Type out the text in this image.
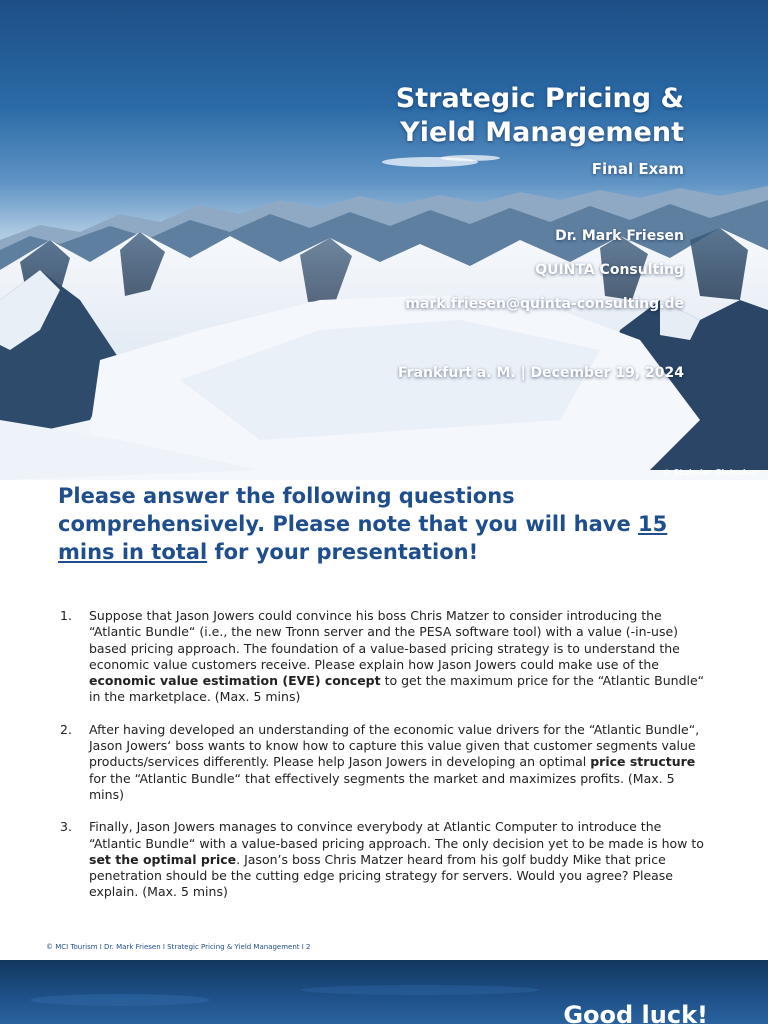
Strategic Pricing &
Yield Management
Final Exam
Dr. Mark Friesen
QUINTA Consulting
mark.friesen@quinta-consulting.de
Frankfurt a. M. | December 19, 2024
© Stubaier Gletscher
Please answer the following questions comprehensively. Please note that you will have 15 mins in total for your presentation!
1. Suppose that Jason Jowers could convince his boss Chris Matzer to consider introducing the “Atlantic Bundle“ (i.e., the new Tronn server and the PESA software tool) with a value (-in-use) based pricing approach. The foundation of a value-based pricing strategy is to understand the economic value customers receive. Please explain how Jason Jowers could make use of the economic value estimation (EVE) concept to get the maximum price for the “Atlantic Bundle“ in the marketplace. (Max. 5 mins)
2. After having developed an understanding of the economic value drivers for the “Atlantic Bundle“, Jason Jowers‘ boss wants to know how to capture this value given that customer segments value products/services differently. Please help Jason Jowers in developing an optimal price structure for the “Atlantic Bundle“ that effectively segments the market and maximizes profits. (Max. 5 mins)
3. Finally, Jason Jowers manages to convince everybody at Atlantic Computer to introduce the “Atlantic Bundle“ with a value-based pricing approach. The only decision yet to be made is how to set the optimal price. Jason’s boss Chris Matzer heard from his golf buddy Mike that price penetration should be the cutting edge pricing strategy for servers. Would you agree? Please explain. (Max. 5 mins)
© MCI Tourism I Dr. Mark Friesen I Strategic Pricing & Yield Management I 2
Good luck!
